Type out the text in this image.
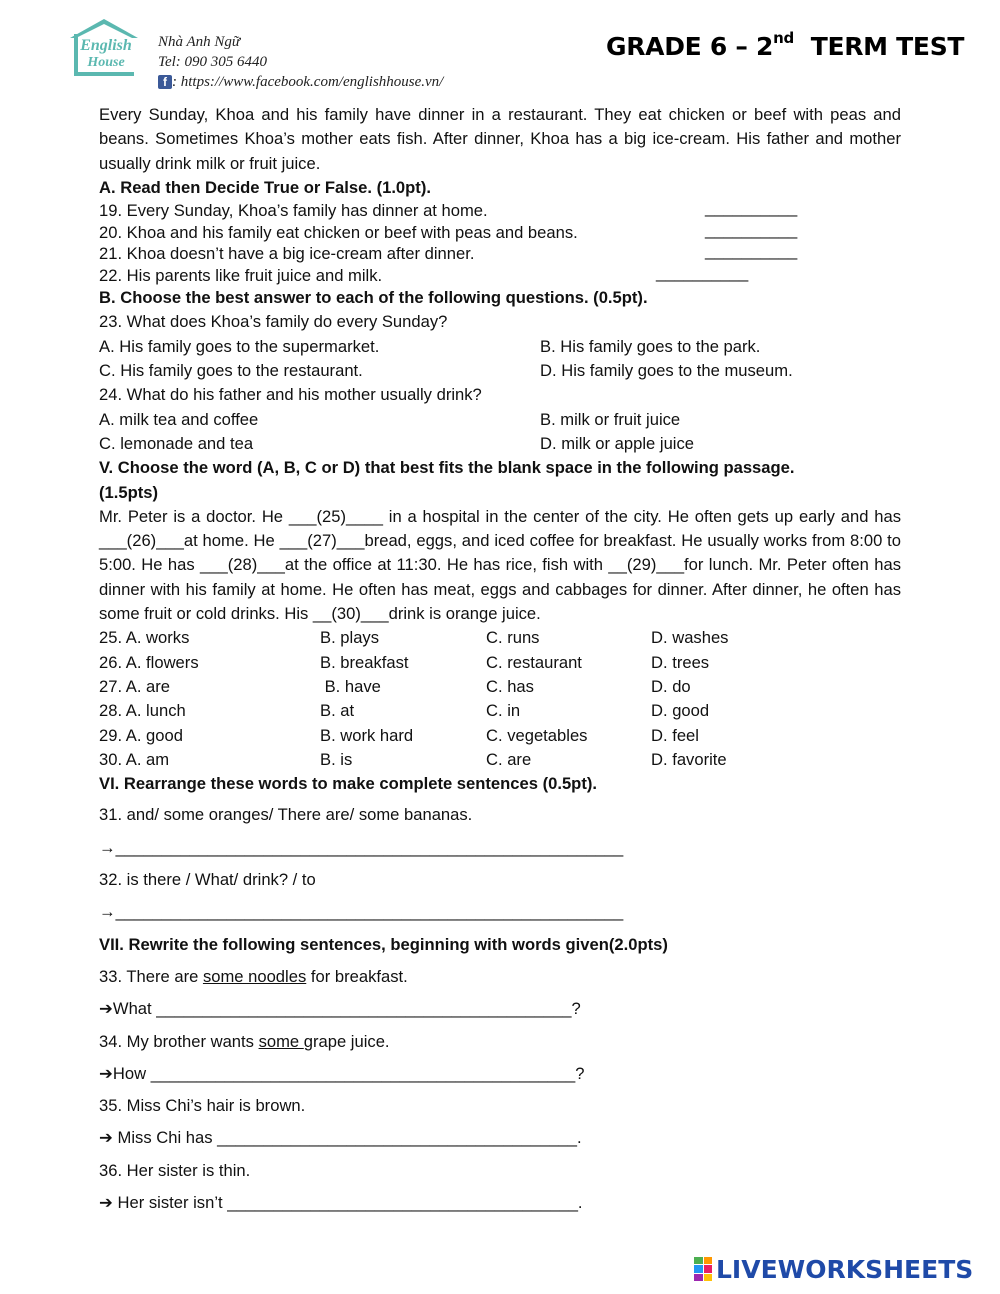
English
House
Nhà Anh Ngữ
Tel: 090 305 6440
f : https://www.facebook.com/englishhouse.vn/
GRADE 6 – 2nd TERM TEST

Every Sunday, Khoa and his family have dinner in a restaurant. They eat chicken or beef with peas and beans. Sometimes Khoa’s mother eats fish. After dinner, Khoa has a big ice-cream. His father and mother usually drink milk or fruit juice.

A. Read then Decide True or False. (1.0pt).
19. Every Sunday, Khoa’s family has dinner at home.	__________
20. Khoa and his family eat chicken or beef with peas and beans.	__________
21. Khoa doesn’t have a big ice-cream after dinner.	__________
22. His parents like fruit juice and milk.	__________
B. Choose the best answer to each of the following questions. (0.5pt).
23. What does Khoa’s family do every Sunday?
A. His family goes to the supermarket.	B. His family goes to the park.
C. His family goes to the restaurant.	D. His family goes to the museum.
24. What do his father and his mother usually drink?
A. milk tea and coffee	B. milk or fruit juice
C. lemonade and tea	D. milk or apple juice
V. Choose the word (A, B, C or D) that best fits the blank space in the following passage.
(1.5pts)

Mr. Peter is a doctor. He ___(25)____ in a hospital in the center of the city. He often gets up early and has ___(26)___at home. He ___(27)___bread, eggs, and iced coffee for breakfast. He usually works from 8:00 to 5:00. He has ___(28)___at the office at 11:30. He has rice, fish with __(29)___for lunch. Mr. Peter often has dinner with his family at home. He often has meat, eggs and cabbages for dinner. After dinner, he often has some fruit or cold drinks. His __(30)___drink is orange juice.

25. A. works	B. plays	C. runs	D. washes
26. A. flowers	B. breakfast	C. restaurant	D. trees
27. A. are	B. have	C. has	D. do
28. A. lunch	B. at	C. in	D. good
29. A. good	B. work hard	C. vegetables	D. feel
30. A. am	B. is	C. are	D. favorite
VI. Rearrange these words to make complete sentences (0.5pt).
31. and/ some oranges/ There are/ some bananas.
→_______________________________________________________
32. is there / What/ drink? / to
→_______________________________________________________
VII. Rewrite the following sentences, beginning with words given(2.0pts)
33. There are some noodles for breakfast.
➔What _____________________________________________?
34. My brother wants some grape juice.
➔How ______________________________________________?
35. Miss Chi’s hair is brown.
➔ Miss Chi has _______________________________________.
36. Her sister is thin.
➔ Her sister isn’t ______________________________________.
LIVEWORKSHEETS
